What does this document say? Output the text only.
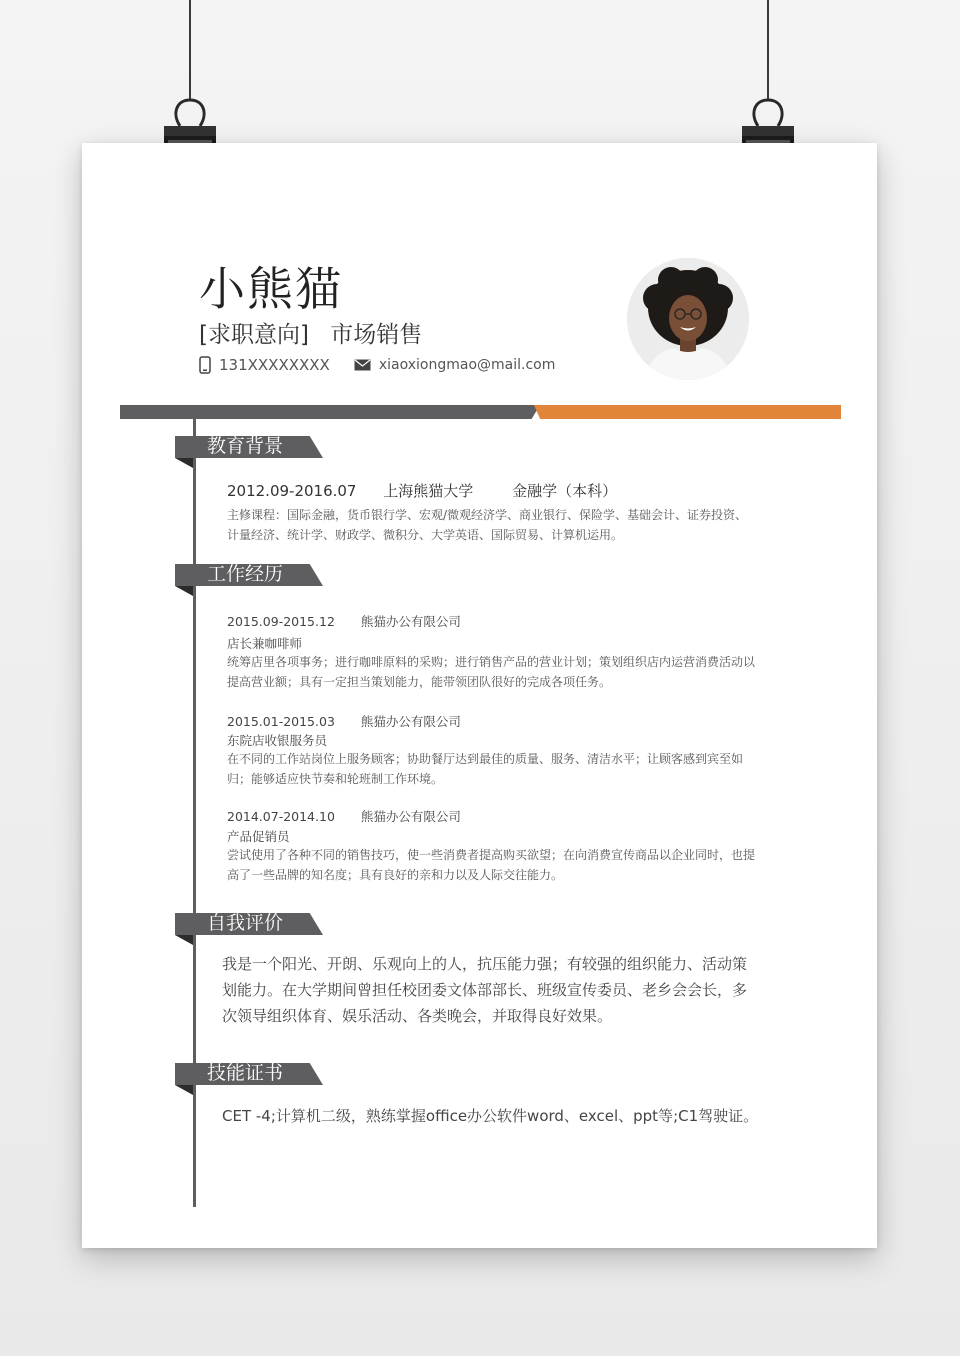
小熊猫
[求职意向] 市场销售
131XXXXXXXX	xiaoxiongmao@mail.com
教育背景
2012.09-2016.07 上海熊猫大学	金融学（本科）

主修课程：国际金融，货币银行学、宏观/微观经济学、商业银行、保险学、基础会计、证券投资、计量经济、统计学、财政学、微积分、大学英语、国际贸易、计算机运用。

工作经历
2015.09-2015.12 熊猫办公有限公司
店长兼咖啡师

统筹店里各项事务；进行咖啡原料的采购；进行销售产品的营业计划；策划组织店内运营消费活动以提高营业额；具有一定担当策划能力，能带领团队很好的完成各项任务。

2015.01-2015.03 熊猫办公有限公司
东院店收银服务员

在不同的工作站岗位上服务顾客；协助餐厅达到最佳的质量、服务、清洁水平；让顾客感到宾至如归；能够适应快节奏和轮班制工作环境。

2014.07-2014.10 熊猫办公有限公司
产品促销员

尝试使用了各种不同的销售技巧，使一些消费者提高购买欲望；在向消费宣传商品以企业同时，也提高了一些品牌的知名度；具有良好的亲和力以及人际交往能力。

自我评价

我是一个阳光、开朗、乐观向上的人，抗压能力强；有较强的组织能力、活动策划能力。在大学期间曾担任校团委文体部部长、班级宣传委员、老乡会会长，多次领导组织体育、娱乐活动、各类晚会，并取得良好效果。

技能证书

CET -4;计算机二级，熟练掌握office办公软件word、excel、ppt等;C1驾驶证。
